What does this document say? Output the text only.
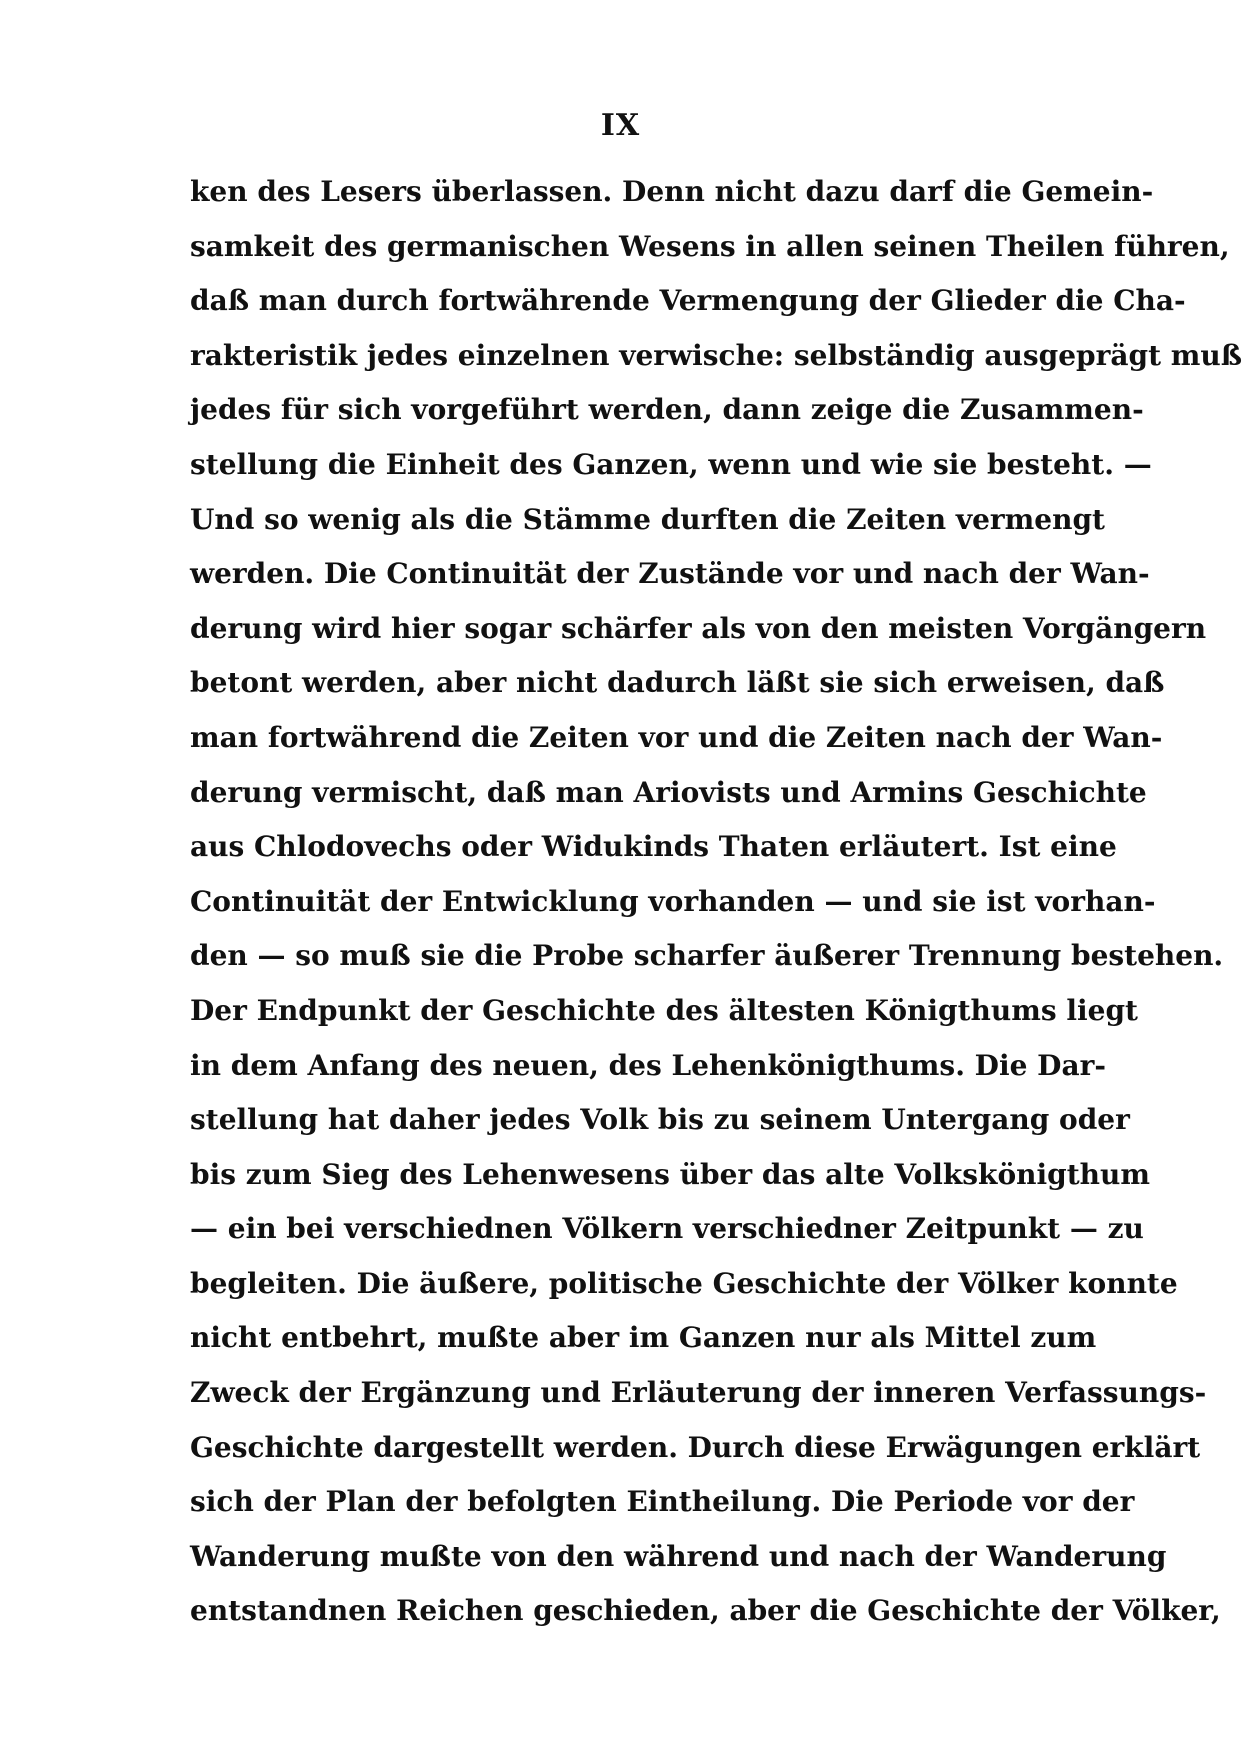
IX
ken des Lesers überlassen. Denn nicht dazu darf die Gemein-
samkeit des germanischen Wesens in allen seinen Theilen führen,
daß man durch fortwährende Vermengung der Glieder die Cha-
rakteristik jedes einzelnen verwische: selbständig ausgeprägt muß
jedes für sich vorgeführt werden, dann zeige die Zusammen-
stellung die Einheit des Ganzen, wenn und wie sie besteht. —
Und so wenig als die Stämme durften die Zeiten vermengt
werden. Die Continuität der Zustände vor und nach der Wan-
derung wird hier sogar schärfer als von den meisten Vorgängern
betont werden, aber nicht dadurch läßt sie sich erweisen, daß
man fortwährend die Zeiten vor und die Zeiten nach der Wan-
derung vermischt, daß man Ariovists und Armins Geschichte
aus Chlodovechs oder Widukinds Thaten erläutert. Ist eine
Continuität der Entwicklung vorhanden — und sie ist vorhan-
den — so muß sie die Probe scharfer äußerer Trennung bestehen.
Der Endpunkt der Geschichte des ältesten Königthums liegt
in dem Anfang des neuen, des Lehenkönigthums. Die Dar-
stellung hat daher jedes Volk bis zu seinem Untergang oder
bis zum Sieg des Lehenwesens über das alte Volkskönigthum
— ein bei verschiednen Völkern verschiedner Zeitpunkt — zu
begleiten. Die äußere, politische Geschichte der Völker konnte
nicht entbehrt, mußte aber im Ganzen nur als Mittel zum
Zweck der Ergänzung und Erläuterung der inneren Verfassungs-
Geschichte dargestellt werden. Durch diese Erwägungen erklärt
sich der Plan der befolgten Eintheilung. Die Periode vor der
Wanderung mußte von den während und nach der Wanderung
entstandnen Reichen geschieden, aber die Geschichte der Völker,
